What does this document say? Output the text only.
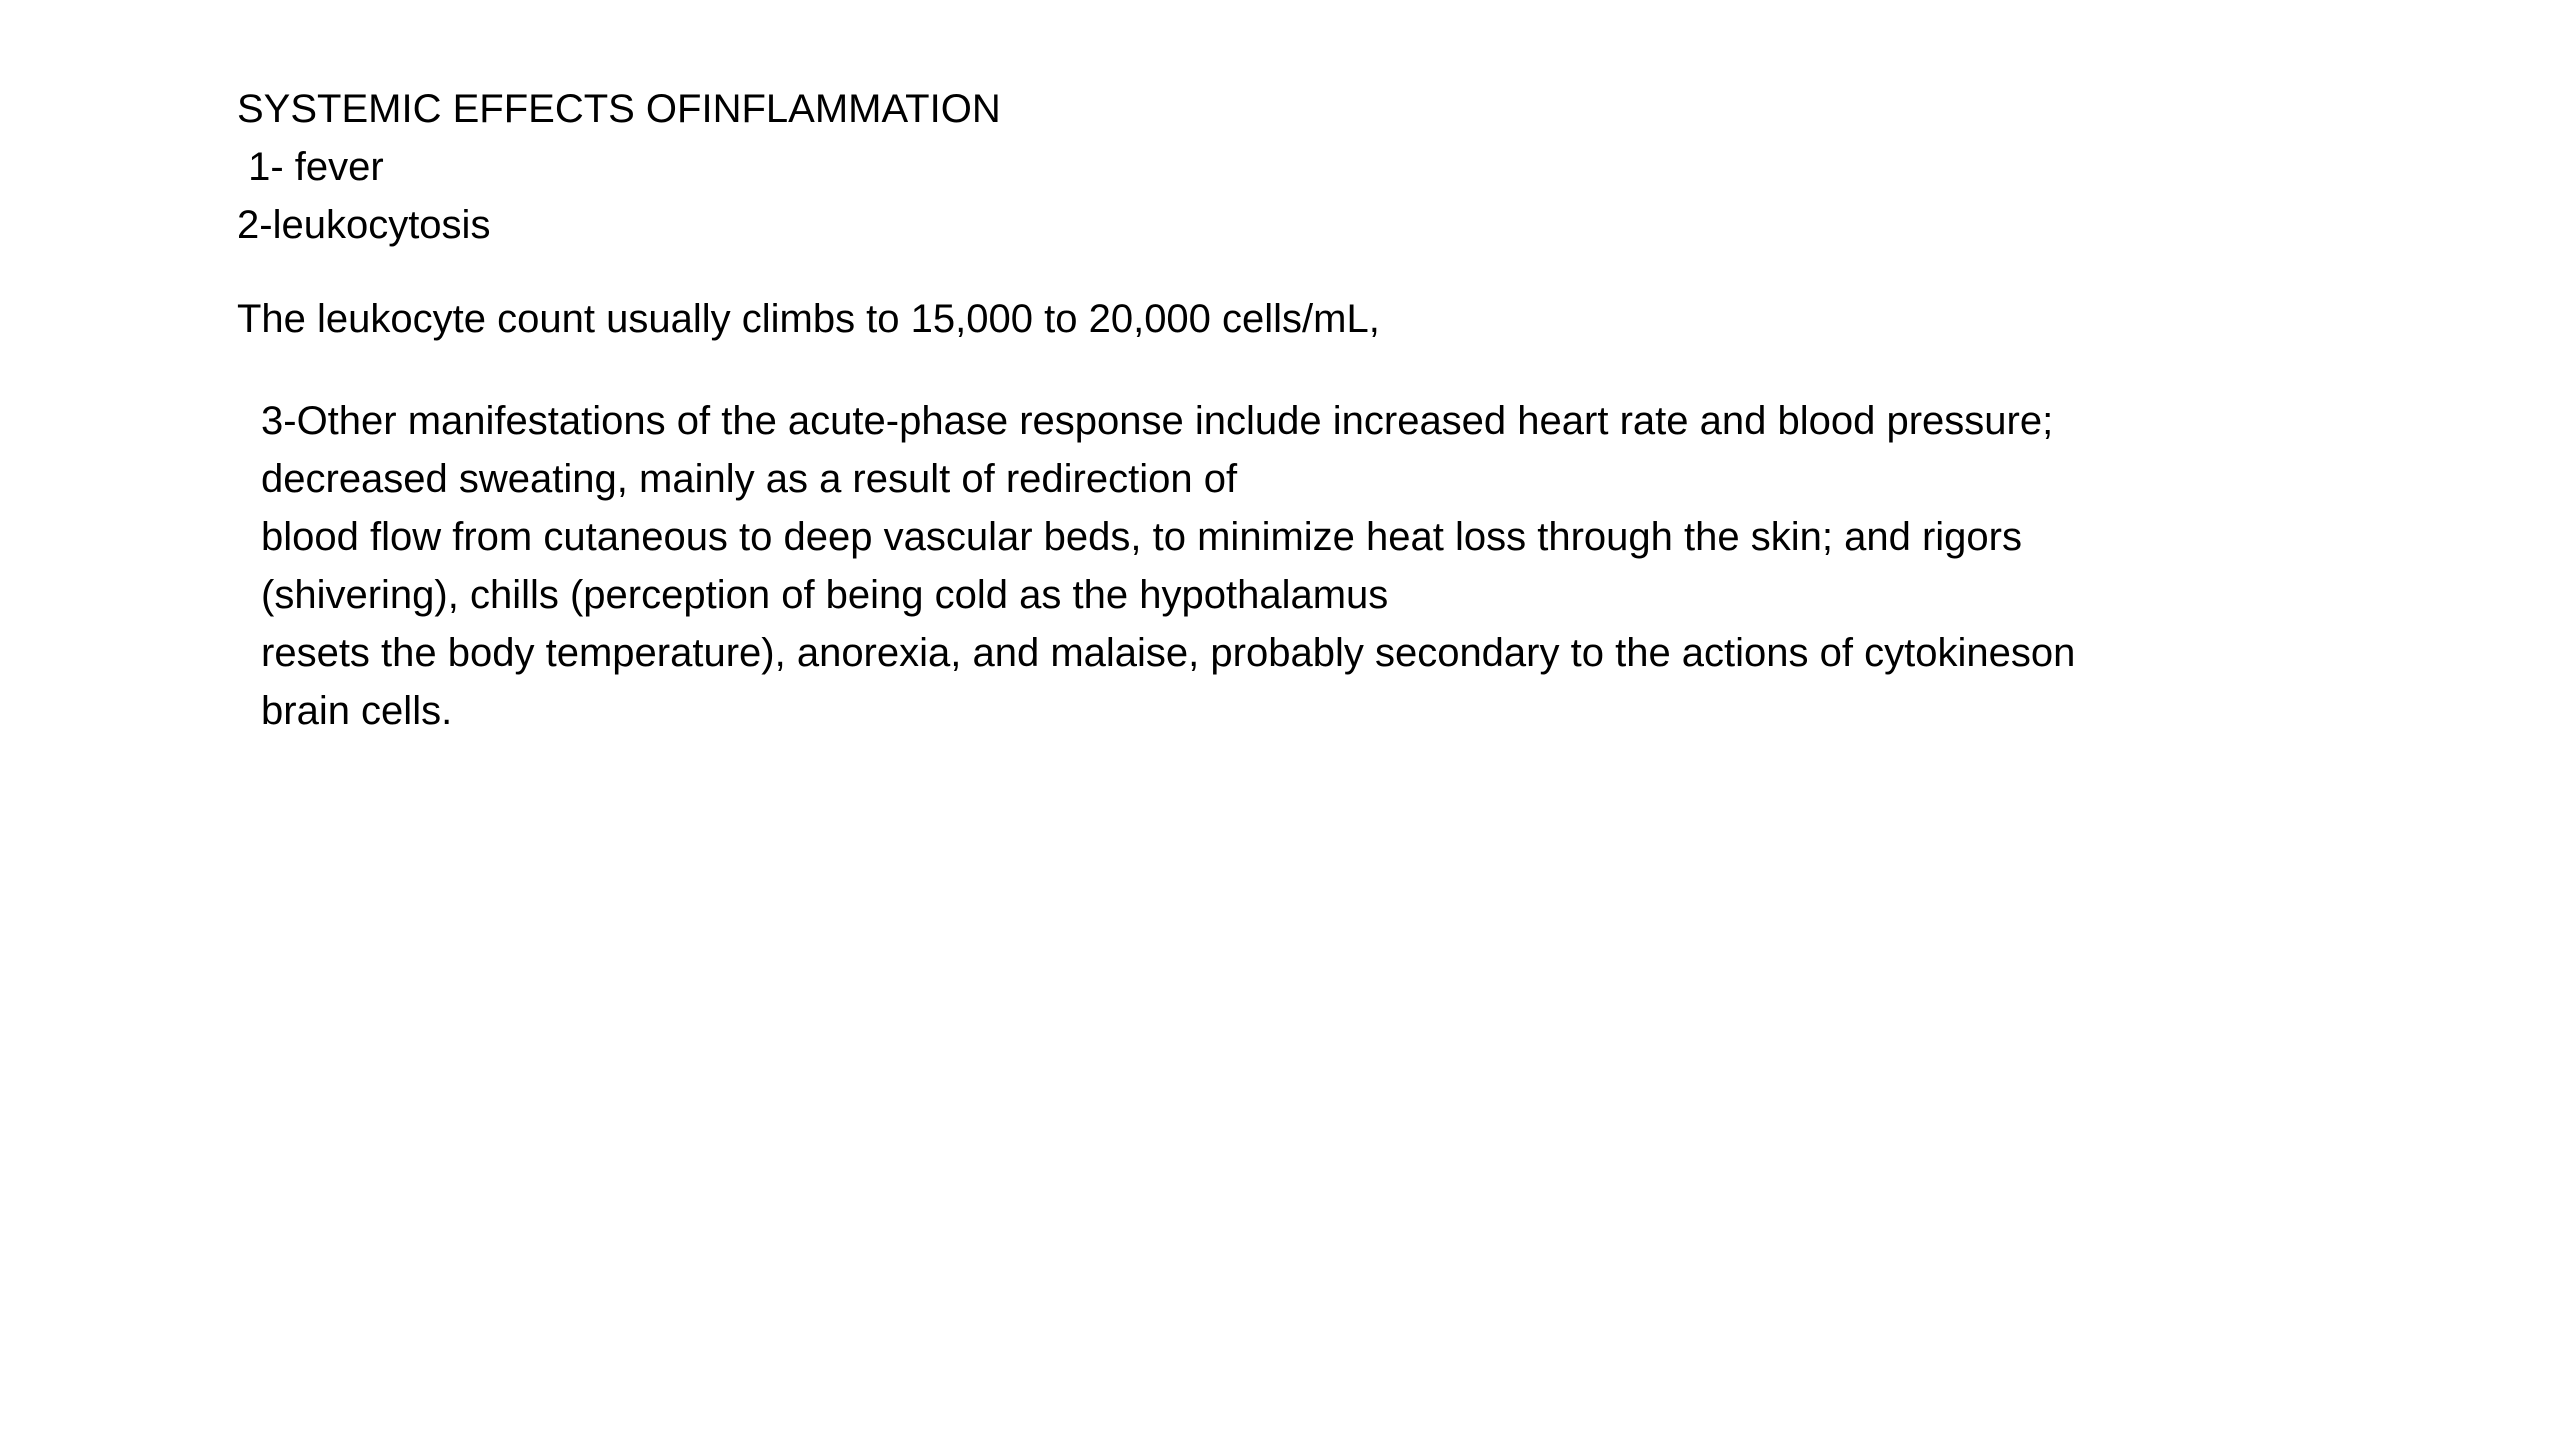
SYSTEMIC EFFECTS OFINFLAMMATION
1- fever
2-leukocytosis
The leukocyte count usually climbs to 15,000 to 20,000 cells/mL,
3-Other manifestations of the acute-phase response include increased heart rate and blood pressure;
decreased sweating, mainly as a result of redirection of
blood flow from cutaneous to deep vascular beds, to minimize heat loss through the skin; and rigors
(shivering), chills (perception of being cold as the hypothalamus
resets the body temperature), anorexia, and malaise, probably secondary to the actions of cytokineson
brain cells.
